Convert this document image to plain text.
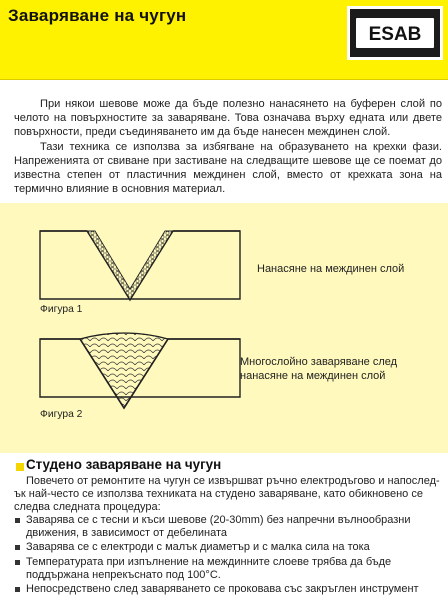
Заваряване на чугун
ESAB

При някои шевове може да бъде полезно нанасянето на буферен слой по челото на повърхностите за заваряване. Това означава върху едната или двете повърхности, преди съединяването им да бъде нанесен междинен слой.

Тази техника се използва за избягване на образуването на крехки фази. Напреженията от свиване при застиване на следващите шевове ще се поемат до известна степен от пластичния междинен слой, вместо от крехката зона на термично влияние в основния материал.

Фигура 1
Нанасяне на междинен слой
Фигура 2
Многослойно заваряване след
нанасяне на междинен слой
Студено заваряване на чугун
Повечето от ремонтите на чугун се извършват ръчно електродъгово и напослед-ък най-често се използва техниката на студено заваряване, като обикновено се следва следната процедура:
Заварява се с тесни и къси шевове (20-30mm) без напречни вълнообразни движения, в зависимост от дебелината
Заварява се с електроди с малък диаметър и с малка сила на тока
Температурата при изпълнение на междинните слоеве трябва да бъде поддържана непрекъснато под 100°C.
Непосредствено след заваряването се проковава със закръглен инструмент
